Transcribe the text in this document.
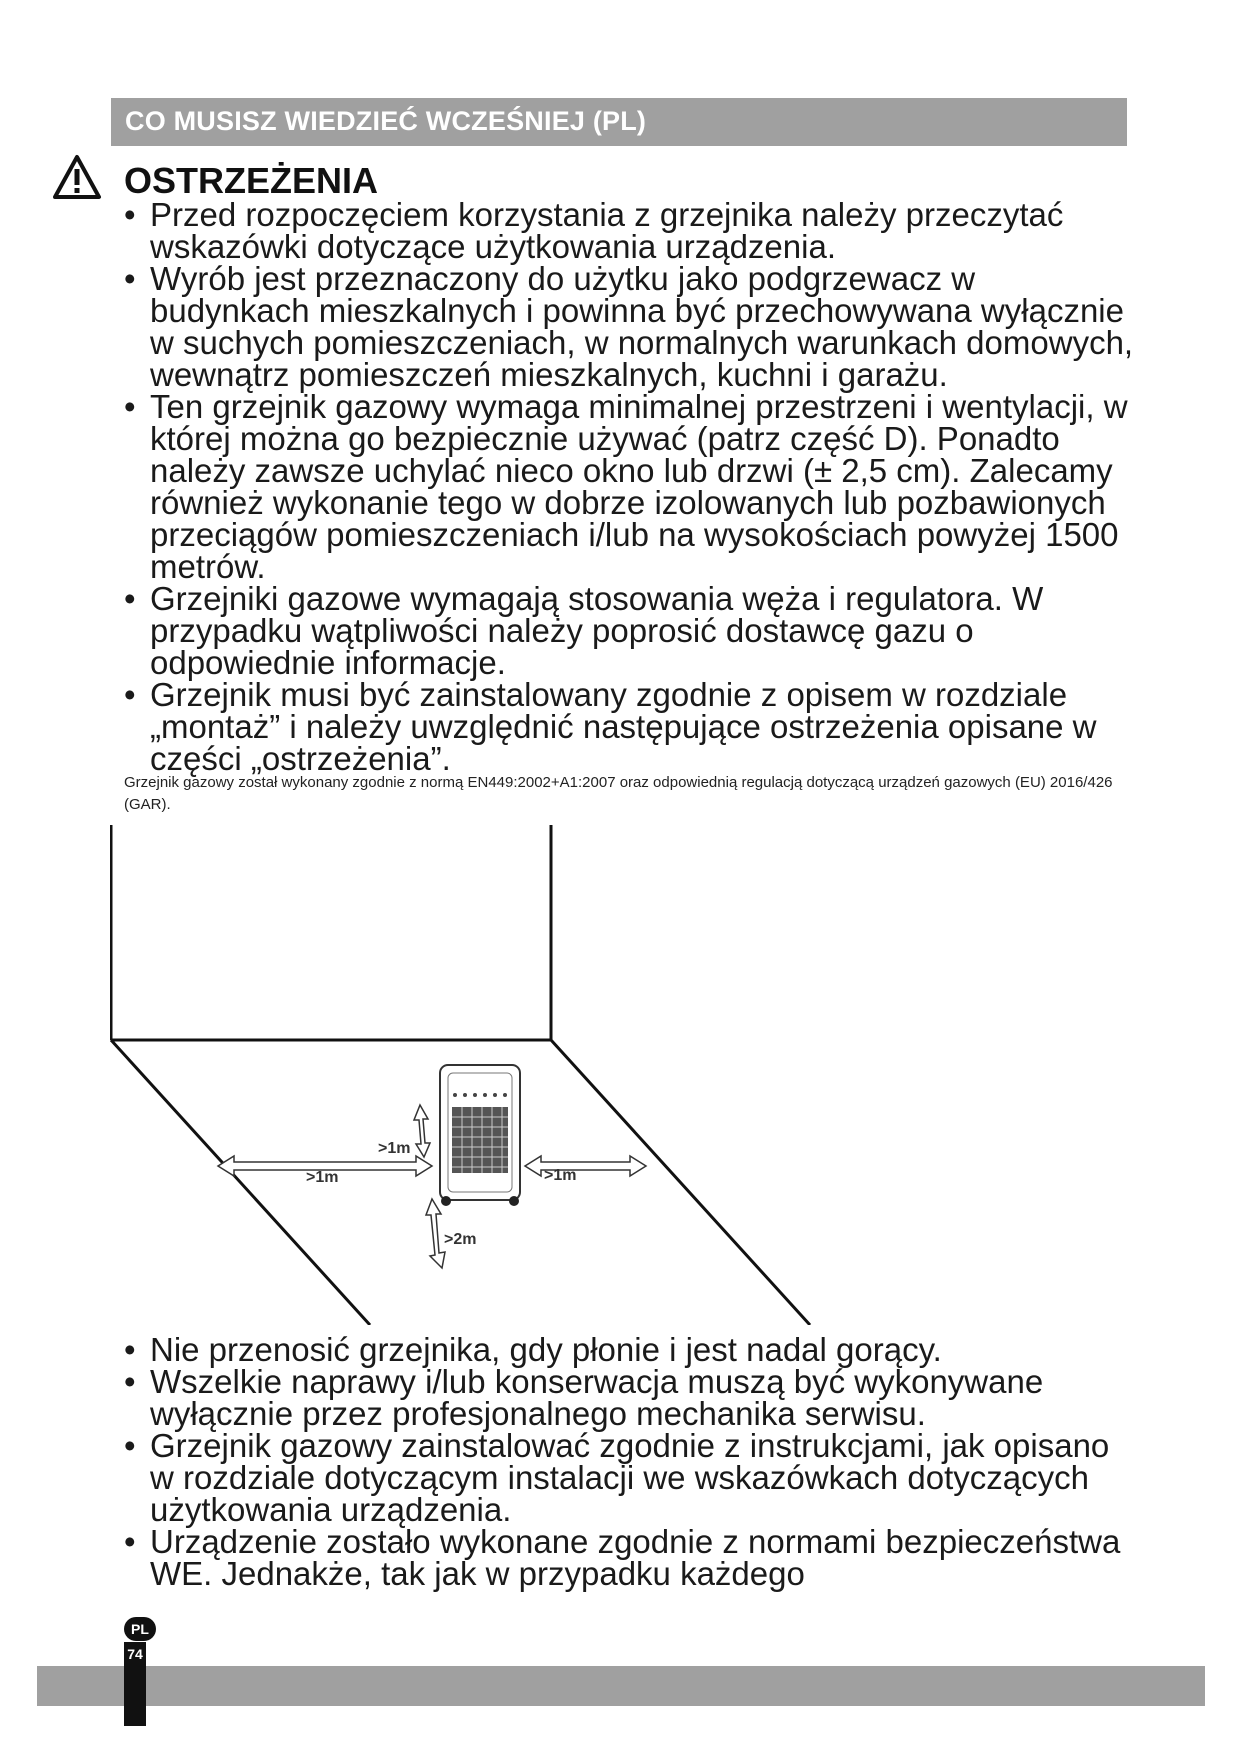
CO MUSISZ WIEDZIEĆ WCZEŚNIEJ (PL)
OSTRZEŻENIA
• Przed rozpoczęciem korzystania z grzejnika należy przeczytać wskazówki dotyczące użytkowania urządzenia.
• Wyrób jest przeznaczony do użytku jako podgrzewacz w budynkach mieszkalnych i powinna być przechowywana wyłącznie w suchych pomieszczeniach, w normalnych warunkach domowych, wewnątrz pomieszczeń mieszkalnych, kuchni i garażu.
• Ten grzejnik gazowy wymaga minimalnej przestrzeni i wentylacji, w której można go bezpiecznie używać (patrz część D). Ponadto należy zawsze uchylać nieco okno lub drzwi (± 2,5 cm). Zalecamy również wykonanie tego w dobrze izolowanych lub pozbawionych przeciągów pomieszczeniach i/lub na wysokościach powyżej 1500 metrów.
• Grzejniki gazowe wymagają stosowania węża i regulatora. W przypadku wątpliwości należy poprosić dostawcę gazu o odpowiednie informacje.
• Grzejnik musi być zainstalowany zgodnie z opisem w rozdziale „montaż” i należy uwzględnić następujące ostrzeżenia opisane w części „ostrzeżenia”.
Grzejnik gazowy został wykonany zgodnie z normą EN449:2002+A1:2007 oraz odpowiednią regulacją dotyczącą urządzeń gazowych (EU) 2016/426 (GAR).
>1m
>1m	>1m
>2m
• Nie przenosić grzejnika, gdy płonie i jest nadal gorący.
• Wszelkie naprawy i/lub konserwacja muszą być wykonywane wyłącznie przez profesjonalnego mechanika serwisu.
• Grzejnik gazowy zainstalować zgodnie z instrukcjami, jak opisano w rozdziale dotyczącym instalacji we wskazówkach dotyczących użytkowania urządzenia.
• Urządzenie zostało wykonane zgodnie z normami bezpieczeństwa WE. Jednakże, tak jak w przypadku każdego
PL
74
